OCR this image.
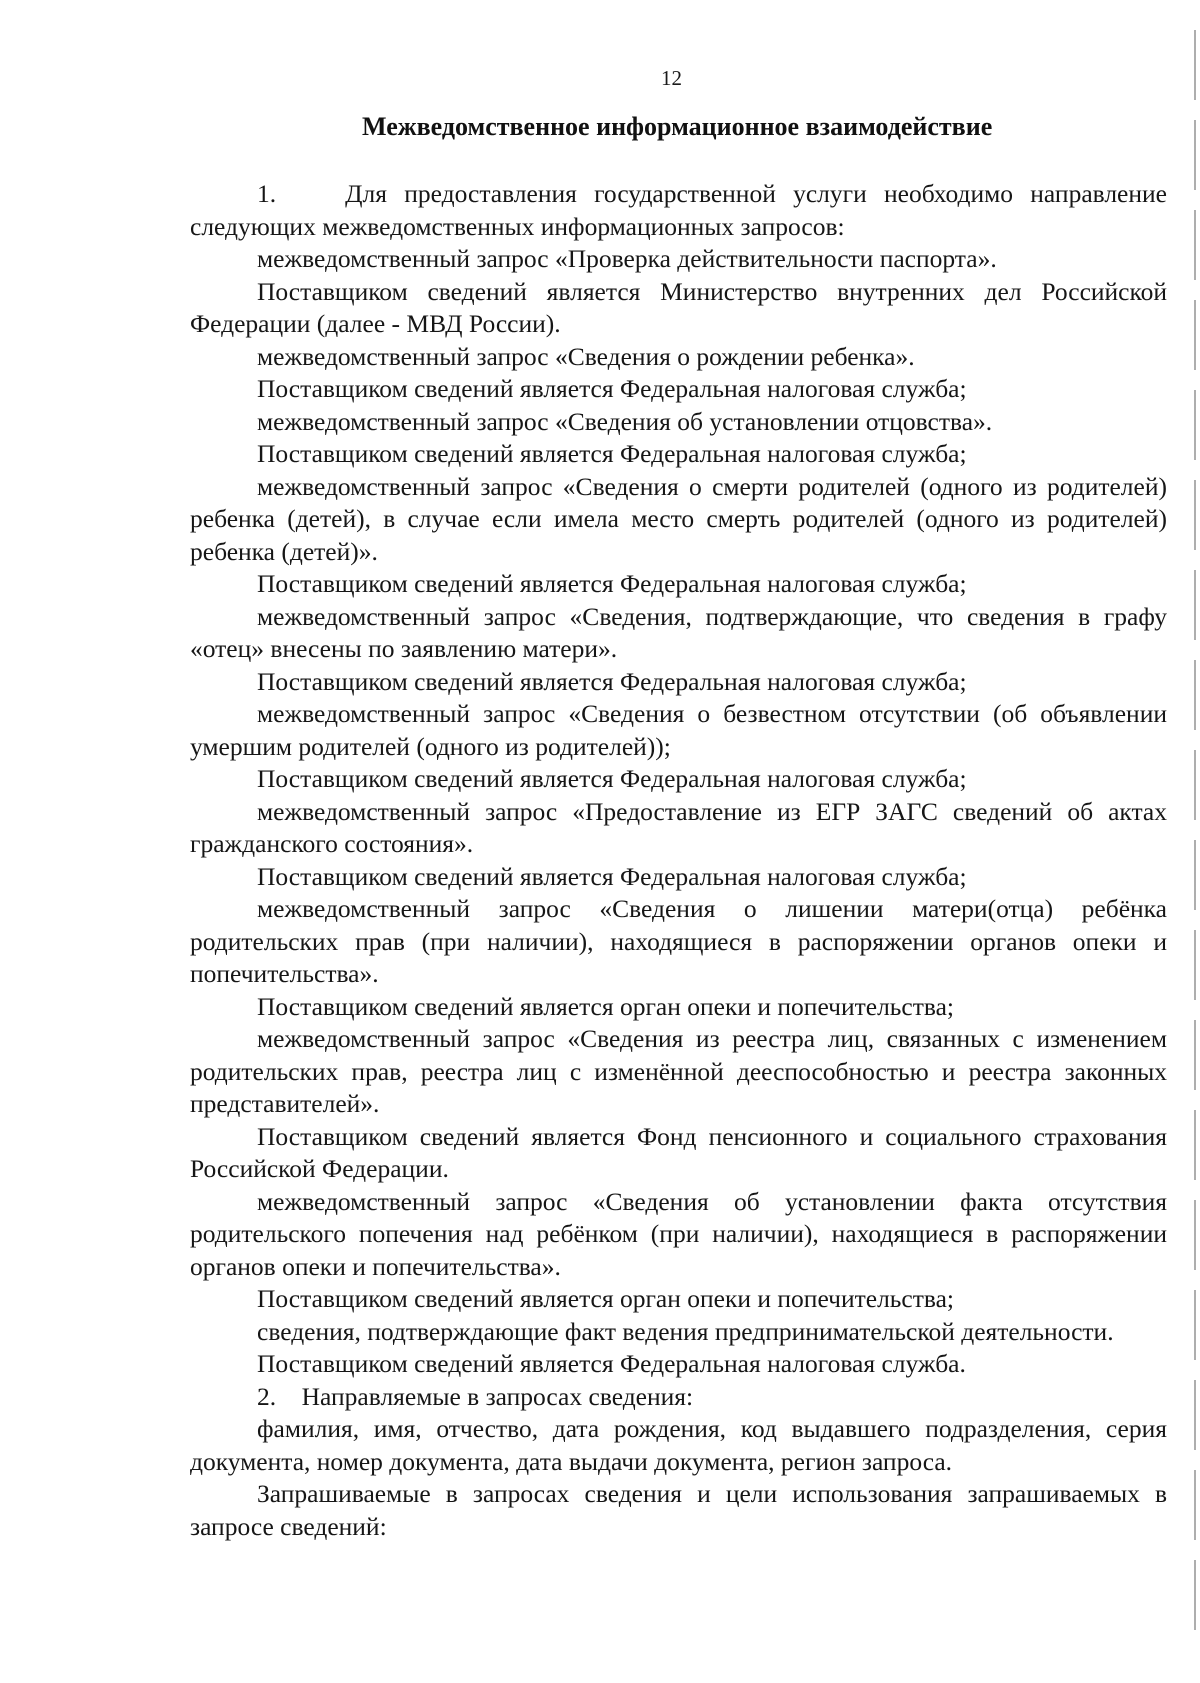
12
Межведомственное информационное взаимодействие

1.    Для предоставления государственной услуги необходимо направление следующих межведомственных информационных запросов:

межведомственный запрос «Проверка действительности паспорта».

Поставщиком сведений является Министерство внутренних дел Российской Федерации (далее - МВД России).

межведомственный запрос «Сведения о рождении ребенка».

Поставщиком сведений является Федеральная налоговая служба;

межведомственный запрос «Сведения об установлении отцовства».

Поставщиком сведений является Федеральная налоговая служба;

межведомственный запрос «Сведения о смерти родителей (одного из родителей) ребенка (детей), в случае если имела место смерть родителей (одного из родителей) ребенка (детей)».

Поставщиком сведений является Федеральная налоговая служба;

межведомственный запрос «Сведения, подтверждающие, что сведения в графу «отец» внесены по заявлению матери».

Поставщиком сведений является Федеральная налоговая служба;

межведомственный запрос «Сведения о безвестном отсутствии (об объявлении умершим родителей (одного из родителей));

Поставщиком сведений является Федеральная налоговая служба;

межведомственный запрос «Предоставление из ЕГР ЗАГС сведений об актах гражданского состояния».

Поставщиком сведений является Федеральная налоговая служба;

межведомственный запрос «Сведения о лишении матери(отца) ребёнка родительских прав (при наличии), находящиеся в распоряжении органов опеки и попечительства».

Поставщиком сведений является орган опеки и попечительства;

межведомственный запрос «Сведения из реестра лиц, связанных с изменением родительских прав, реестра лиц с изменённой дееспособностью и реестра законных представителей».

Поставщиком сведений является Фонд пенсионного и социального страхования Российской Федерации.

межведомственный запрос «Сведения об установлении факта отсутствия родительского попечения над ребёнком (при наличии), находящиеся в распоряжении органов опеки и попечительства».

Поставщиком сведений является орган опеки и попечительства;

сведения, подтверждающие факт ведения предпринимательской деятельности.

Поставщиком сведений является Федеральная налоговая служба.

2.    Направляемые в запросах сведения:

фамилия, имя, отчество, дата рождения, код выдавшего подразделения, серия документа, номер документа, дата выдачи документа, регион запроса.

Запрашиваемые в запросах сведения и цели использования запрашиваемых в запросе сведений:
